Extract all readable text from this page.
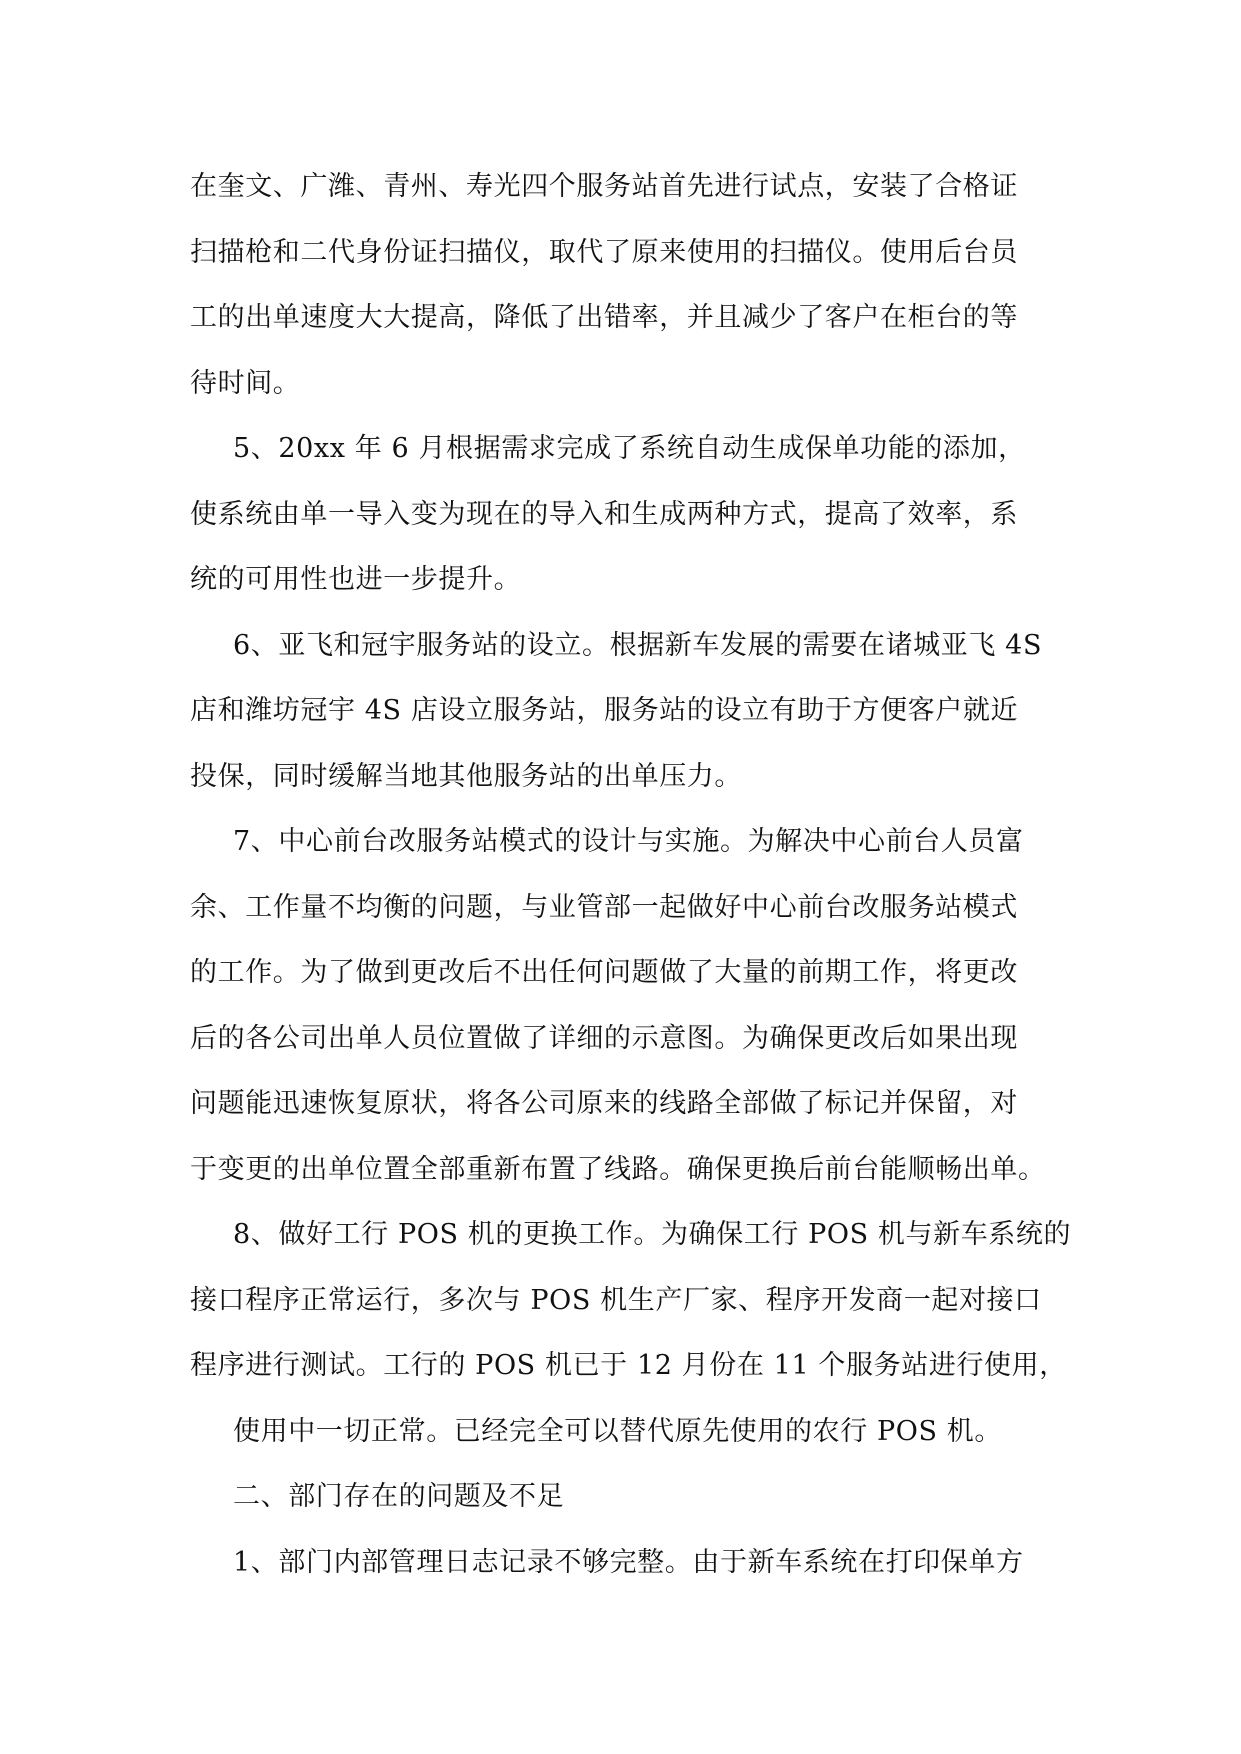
在奎文、广潍、青州、寿光四个服务站首先进行试点，安装了合格证
扫描枪和二代身份证扫描仪，取代了原来使用的扫描仪。使用后台员
工的出单速度大大提高，降低了出错率，并且减少了客户在柜台的等
待时间。
5、20xx 年 6 月根据需求完成了系统自动生成保单功能的添加，
使系统由单一导入变为现在的导入和生成两种方式，提高了效率，系
统的可用性也进一步提升。
6、亚飞和冠宇服务站的设立。根据新车发展的需要在诸城亚飞 4S
店和潍坊冠宇 4S 店设立服务站，服务站的设立有助于方便客户就近
投保，同时缓解当地其他服务站的出单压力。
7、中心前台改服务站模式的设计与实施。为解决中心前台人员富
余、工作量不均衡的问题，与业管部一起做好中心前台改服务站模式
的工作。为了做到更改后不出任何问题做了大量的前期工作，将更改
后的各公司出单人员位置做了详细的示意图。为确保更改后如果出现
问题能迅速恢复原状，将各公司原来的线路全部做了标记并保留，对
于变更的出单位置全部重新布置了线路。确保更换后前台能顺畅出单。
8、做好工行 POS 机的更换工作。为确保工行 POS 机与新车系统的
接口程序正常运行，多次与 POS 机生产厂家、程序开发商一起对接口
程序进行测试。工行的 POS 机已于 12 月份在 11 个服务站进行使用，
使用中一切正常。已经完全可以替代原先使用的农行 POS 机。
二、部门存在的问题及不足
1、部门内部管理日志记录不够完整。由于新车系统在打印保单方
